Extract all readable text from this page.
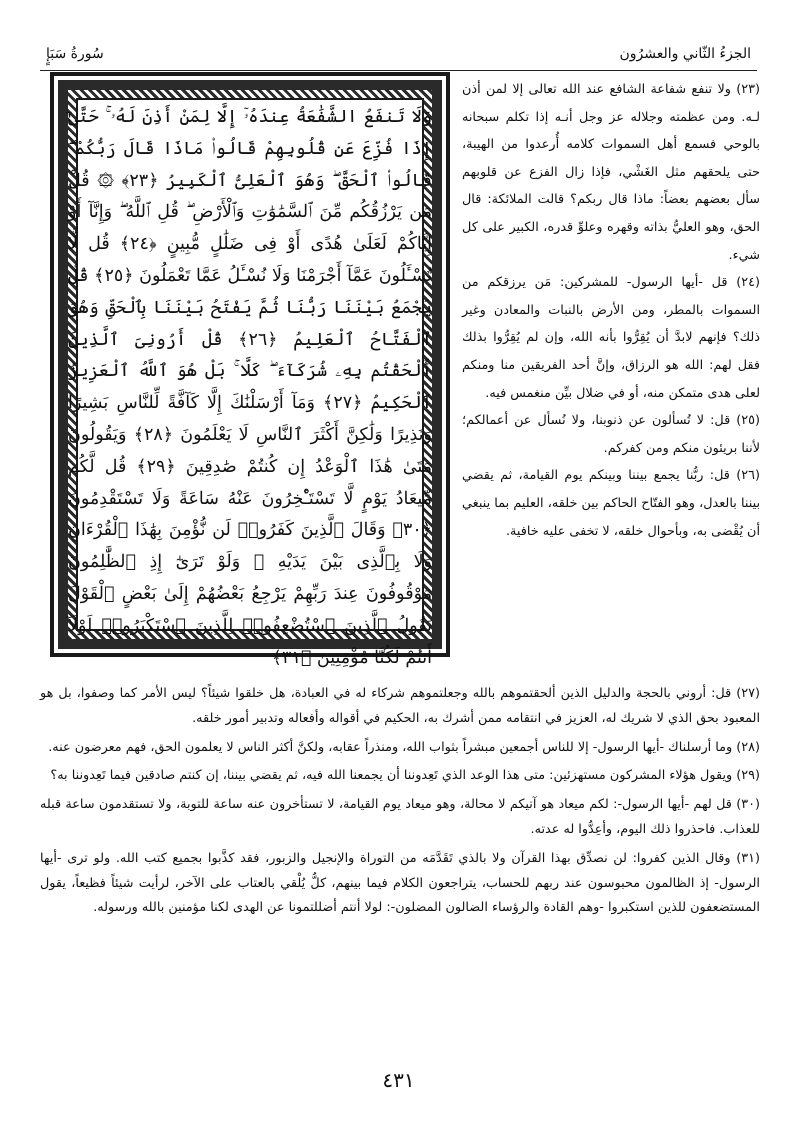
الجزءُ الثّاني والعشرُون
سُورةُ سَبَإٍ
وَلَا تَنفَعُ الشَّفَٰعَةُ عِندَهُۥٓ إِلَّا لِمَنْ أَذِنَ لَهُۥ ۚ حَتَّىٰٓ إِذَا فُزِّعَ عَن قُلُوبِهِمْ قَالُوا۟ مَاذَا قَالَ رَبُّكُمْ ۖ قَالُوا۟ ٱلْحَقَّ ۖ وَهُوَ ٱلْعَلِىُّ ٱلْكَبِيرُ ﴿٢٣﴾ ۞ قُلْ مَن يَرْزُقُكُم مِّنَ ٱلسَّمَٰوَٰتِ وَٱلْأَرْضِ ۖ قُلِ ٱللَّهُ ۖ وَإِنَّآ أَوْ إِيَّاكُمْ لَعَلَىٰ هُدًى أَوْ فِى ضَلَٰلٍ مُّبِينٍ ﴿٢٤﴾ قُل لَّا تُسْـَٔلُونَ عَمَّآ أَجْرَمْنَا وَلَا نُسْـَٔلُ عَمَّا تَعْمَلُونَ ﴿٢٥﴾ قُلْ يَجْمَعُ بَيْنَنَا رَبُّنَا ثُمَّ يَفْتَحُ بَيْنَنَا بِٱلْحَقِّ وَهُوَ ٱلْفَتَّاحُ ٱلْعَلِيمُ ﴿٢٦﴾ قُلْ أَرُونِىَ ٱلَّذِينَ أَلْحَقْتُم بِهِۦ شُرَكَآءَ ۖ كَلَّا ۚ بَلْ هُوَ ٱللَّهُ ٱلْعَزِيزُ ٱلْحَكِيمُ ﴿٢٧﴾ وَمَآ أَرْسَلْنَٰكَ إِلَّا كَآفَّةً لِّلنَّاسِ بَشِيرًا وَنَذِيرًا وَلَٰكِنَّ أَكْثَرَ ٱلنَّاسِ لَا يَعْلَمُونَ ﴿٢٨﴾ وَيَقُولُونَ مَتَىٰ هَٰذَا ٱلْوَعْدُ إِن كُنتُمْ صَٰدِقِينَ ﴿٢٩﴾ قُل لَّكُم مِّيعَادُ يَوْمٍ لَّا تَسْتَـْٔخِرُونَ عَنْهُ سَاعَةً وَلَا تَسْتَقْدِمُونَ ﴿٣٠﴾ وَقَالَ ٱلَّذِينَ كَفَرُوا۟ لَن نُّؤْمِنَ بِهَٰذَا ٱلْقُرْءَانِ وَلَا بِٱلَّذِى بَيْنَ يَدَيْهِ ۗ وَلَوْ تَرَىٰٓ إِذِ ٱلظَّٰلِمُونَ مَوْقُوفُونَ عِندَ رَبِّهِمْ يَرْجِعُ بَعْضُهُمْ إِلَىٰ بَعْضٍ ٱلْقَوْلَ يَقُولُ ٱلَّذِينَ ٱسْتُضْعِفُوا۟ لِلَّذِينَ ٱسْتَكْبَرُوا۟ لَوْلَآ أَنتُمْ لَكُنَّا مُؤْمِنِينَ ﴿٣١﴾

(٢٣) ولا تنفع شفاعة الشافع عند الله تعالى إلا لمن أذن لـه. ومن عظمته وجلاله عز وجل أنـه إذا تكلم سبحانه بالوحي فسمع أهل السموات كلامه أُرعدوا من الهيبة، حتى يلحقهم مثل الغَشْي، فإذا زال الفزع عن قلوبهم سأل بعضهم بعضاً: ماذا قال ربكم؟ قالت الملائكة: قال الحق، وهو العليُّ بذاته وقهره وعلوِّ قدره، الكبير على كل شيء.

(٢٤) قل -أيها الرسول- للمشركين: مَن يرزقكم من السموات بالمطر، ومن الأرض بالنبات والمعادن وغير ذلك؟ فإنهم لابدَّ أن يُقِرُّوا بأنه الله، وإن لم يُقِرُّوا بذلك فقل لهم: الله هو الرزاق، وإنَّ أحد الفريقين منا ومنكم لعلى هدى متمكن منه، أو في ضلال بيِّن منغمس فيه.

(٢٥) قل: لا تُسألون عن ذنوبنا، ولا نُسأل عن أعمالكم؛ لأننا بريئون منكم ومن كفركم.

(٢٦) قل: ربُّنا يجمع بيننا وبينكم يوم القيامة، ثم يقضي بيننا بالعدل، وهو الفتّاح الحاكم بين خلقه، العليم بما ينبغي أن يُقْضى به، وبأحوال خلقه، لا تخفى عليه خافية.

(٢٧) قل: أروني بالحجة والدليل الذين ألحقتموهم بالله وجعلتموهم شركاء له في العبادة، هل خلقوا شيئاً؟ ليس الأمر كما وصفوا، بل هو المعبود بحق الذي لا شريك له، العزيز في انتقامه ممن أشرك به، الحكيم في أقواله وأفعاله وتدبير أمور خلقه.

(٢٨) وما أرسلناك -أيها الرسول- إلا للناس أجمعين مبشراً بثواب الله، ومنذراً عقابه، ولكنَّ أكثر الناس لا يعلمون الحق، فهم معرضون عنه.

(٢٩) ويقول هؤلاء المشركون مستهزئين: متى هذا الوعد الذي تَعِدوننا أن يجمعنا الله فيه، ثم يقضي بيننا، إن كنتم صادقين فيما تَعِدوننا به؟

(٣٠) قل لهم -أيها الرسول-: لكم ميعاد هو آتيكم لا محالة، وهو ميعاد يوم القيامة، لا تستأخرون عنه ساعة للتوبة، ولا تستقدمون ساعة قبله للعذاب. فاحذروا ذلك اليوم، وأعِدُّوا له عدته.

(٣١) وقال الذين كفروا: لن نصدِّق بهذا القرآن ولا بالذي تَقَدَّمَه من التوراة والإنجيل والزبور، فقد كذَّبوا بجميع كتب الله. ولو ترى -أيها الرسول- إذ الظالمون محبوسون عند ربهم للحساب، يتراجعون الكلام فيما بينهم، كلٌّ يُلْقي بالعتاب على الآخر، لرأيت شيئاً فظيعاً، يقول المستضعفون للذين استكبروا -وهم القادة والرؤساء الضالون المضلون-: لولا أنتم أضللتمونا عن الهدى لكنا مؤمنين بالله ورسوله.

٤٣١
